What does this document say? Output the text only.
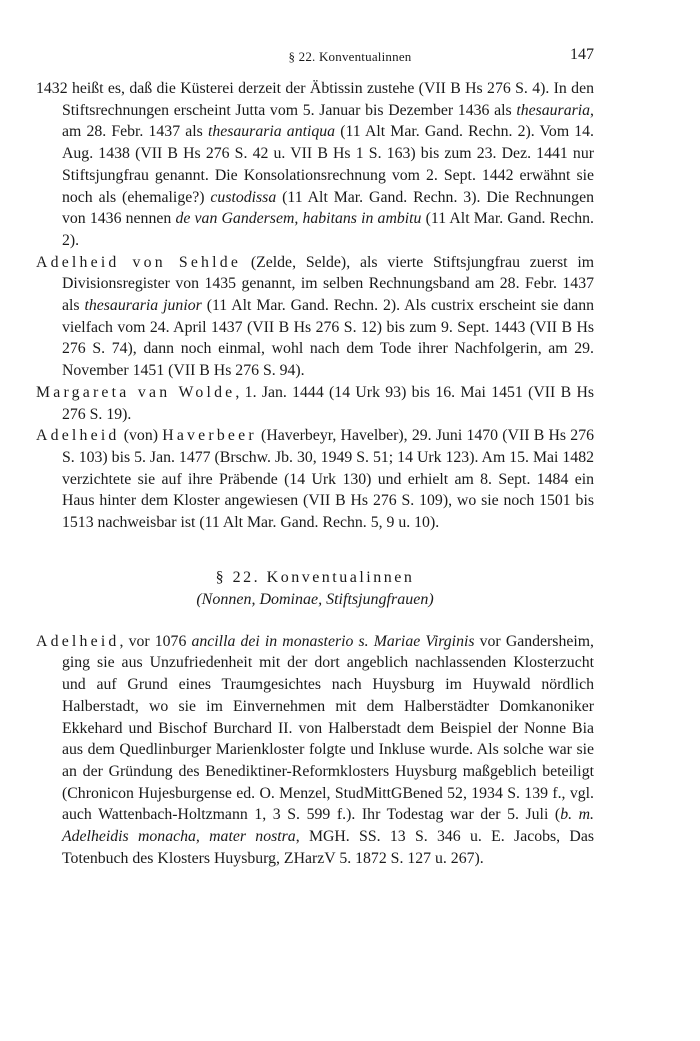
§ 22. Konventualinnen	147

1432 heißt es, daß die Küsterei derzeit der Äbtissin zustehe (VII B Hs 276 S. 4). In den Stiftsrechnungen erscheint Jutta vom 5. Januar bis Dezember 1436 als thesauraria, am 28. Febr. 1437 als thesauraria antiqua (11 Alt Mar. Gand. Rechn. 2). Vom 14. Aug. 1438 (VII B Hs 276 S. 42 u. VII B Hs 1 S. 163) bis zum 23. Dez. 1441 nur Stiftsjungfrau genannt. Die Konsolationsrechnung vom 2. Sept. 1442 erwähnt sie noch als (ehemalige?) custodissa (11 Alt Mar. Gand. Rechn. 3). Die Rechnungen von 1436 nennen de van Gandersem, habitans in ambitu (11 Alt Mar. Gand. Rechn. 2).

Adelheid von Sehlde (Zelde, Selde), als vierte Stiftsjungfrau zuerst im Divisionsregister von 1435 genannt, im selben Rechnungsband am 28. Febr. 1437 als thesauraria junior (11 Alt Mar. Gand. Rechn. 2). Als custrix erscheint sie dann vielfach vom 24. April 1437 (VII B Hs 276 S. 12) bis zum 9. Sept. 1443 (VII B Hs 276 S. 74), dann noch einmal, wohl nach dem Tode ihrer Nachfolgerin, am 29. November 1451 (VII B Hs 276 S. 94).

Margareta van Wolde, 1. Jan. 1444 (14 Urk 93) bis 16. Mai 1451 (VII B Hs 276 S. 19).

Adelheid (von) Haverbeer (Haverbeyr, Havelber), 29. Juni 1470 (VII B Hs 276 S. 103) bis 5. Jan. 1477 (Brschw. Jb. 30, 1949 S. 51; 14 Urk 123). Am 15. Mai 1482 verzichtete sie auf ihre Präbende (14 Urk 130) und erhielt am 8. Sept. 1484 ein Haus hinter dem Kloster angewiesen (VII B Hs 276 S. 109), wo sie noch 1501 bis 1513 nachweisbar ist (11 Alt Mar. Gand. Rechn. 5, 9 u. 10).

§ 22. Konventualinnen
(Nonnen, Dominae, Stiftsjungfrauen)

Adelheid, vor 1076 ancilla dei in monasterio s. Mariae Virginis vor Gandersheim, ging sie aus Unzufriedenheit mit der dort angeblich nachlassenden Klosterzucht und auf Grund eines Traumgesichtes nach Huysburg im Huywald nördlich Halberstadt, wo sie im Einvernehmen mit dem Halberstädter Domkanoniker Ekkehard und Bischof Burchard II. von Halberstadt dem Beispiel der Nonne Bia aus dem Quedlinburger Marienkloster folgte und Inkluse wurde. Als solche war sie an der Gründung des Benediktiner-Reformklosters Huysburg maßgeblich beteiligt (Chronicon Hujesburgense ed. O. Menzel, StudMittGBened 52, 1934 S. 139 f., vgl. auch Wattenbach-Holtzmann 1, 3 S. 599 f.). Ihr Todestag war der 5. Juli (b. m. Adelheidis monacha, mater nostra, MGH. SS. 13 S. 346 u. E. Jacobs, Das Totenbuch des Klosters Huysburg, ZHarzV 5. 1872 S. 127 u. 267).
